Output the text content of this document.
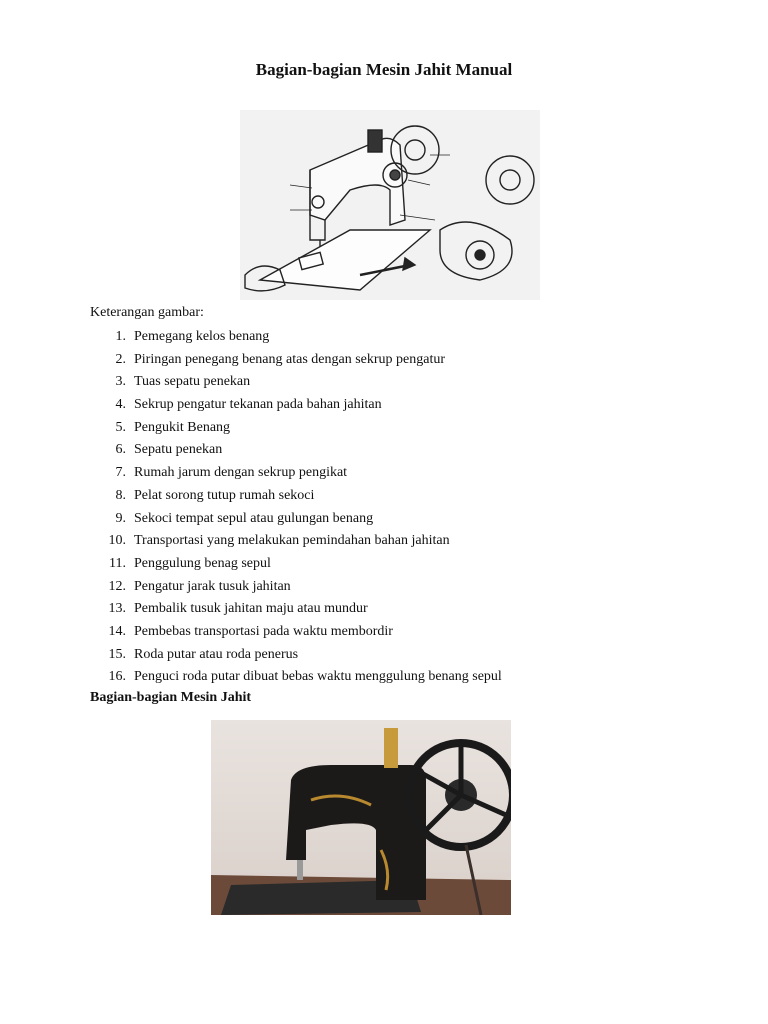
Bagian-bagian Mesin Jahit Manual
Keterangan gambar:
1. Pemegang kelos benang
2. Piringan penegang benang atas dengan sekrup pengatur
3. Tuas sepatu penekan
4. Sekrup pengatur tekanan pada bahan jahitan
5. Pengukit Benang
6. Sepatu penekan
7. Rumah jarum dengan sekrup pengikat
8. Pelat sorong tutup rumah sekoci
9. Sekoci tempat sepul atau gulungan benang
10. Transportasi yang melakukan pemindahan bahan jahitan
11. Penggulung benag sepul
12. Pengatur jarak tusuk jahitan
13. Pembalik tusuk jahitan maju atau mundur
14. Pembebas transportasi pada waktu membordir
15. Roda putar atau roda penerus
16. Penguci roda putar dibuat bebas waktu menggulung benang sepul
Bagian-bagian Mesin Jahit
